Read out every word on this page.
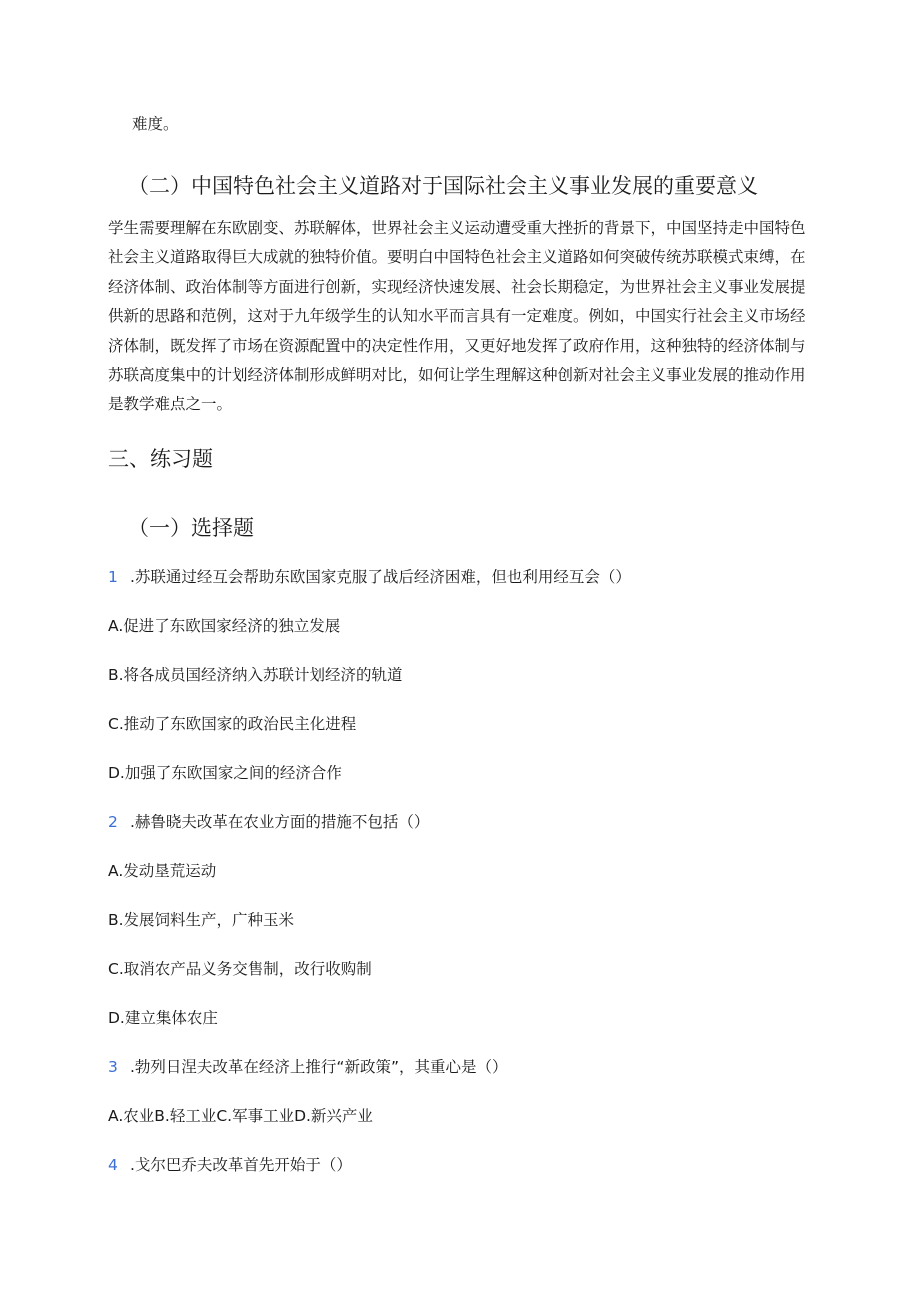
难度。
（二）中国特色社会主义道路对于国际社会主义事业发展的重要意义
学生需要理解在东欧剧变、苏联解体，世界社会主义运动遭受重大挫折的背景下，中国坚持走中国特色
社会主义道路取得巨大成就的独特价值。要明白中国特色社会主义道路如何突破传统苏联模式束缚，在
经济体制、政治体制等方面进行创新，实现经济快速发展、社会长期稳定，为世界社会主义事业发展提
供新的思路和范例，这对于九年级学生的认知水平而言具有一定难度。例如，中国实行社会主义市场经
济体制，既发挥了市场在资源配置中的决定性作用，又更好地发挥了政府作用，这种独特的经济体制与
苏联高度集中的计划经济体制形成鲜明对比，如何让学生理解这种创新对社会主义事业发展的推动作用
是教学难点之一。
三、练习题
（一）选择题
1 .苏联通过经互会帮助东欧国家克服了战后经济困难，但也利用经互会（）
A.促进了东欧国家经济的独立发展
B.将各成员国经济纳入苏联计划经济的轨道
C.推动了东欧国家的政治民主化进程
D.加强了东欧国家之间的经济合作
2 .赫鲁晓夫改革在农业方面的措施不包括（）
A.发动垦荒运动
B.发展饲料生产，广种玉米
C.取消农产品义务交售制，改行收购制
D.建立集体农庄
3 .勃列日涅夫改革在经济上推行“新政策”，其重心是（）
A.农业B.轻工业C.军事工业D.新兴产业
4 .戈尔巴乔夫改革首先开始于（）
